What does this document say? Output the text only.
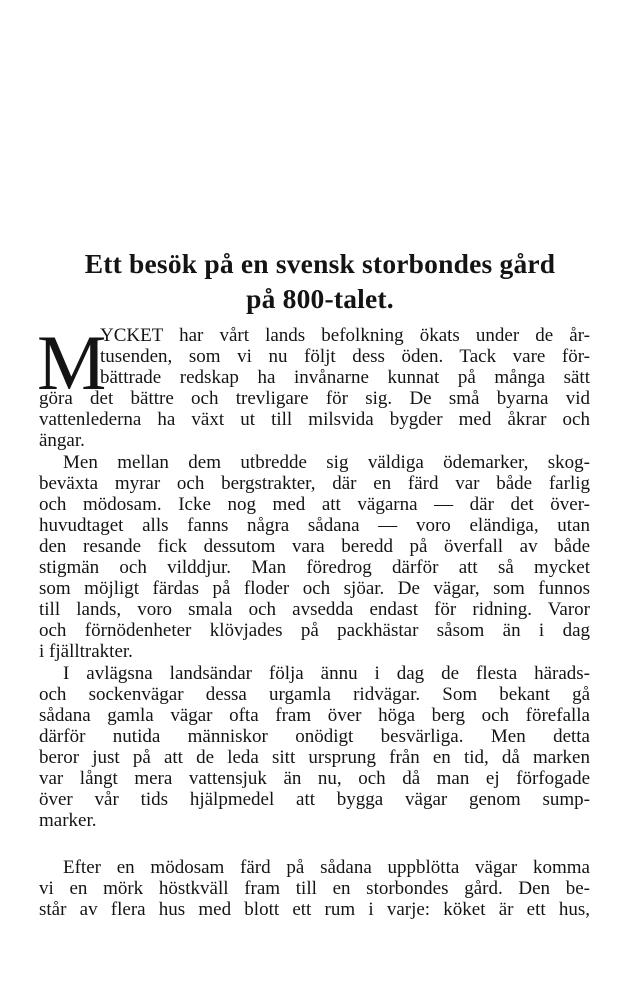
Ett besök på en svensk storbondes gård
på 800-talet.
M
YCKET har vårt lands befolkning ökats under de år-
tusenden, som vi nu följt dess öden. Tack vare för-
bättrade redskap ha invånarne kunnat på många sätt
göra det bättre och trevligare för sig. De små byarna vid
vattenlederna ha växt ut till milsvida bygder med åkrar och
ängar.
Men mellan dem utbredde sig väldiga ödemarker, skog-
beväxta myrar och bergstrakter, där en färd var både farlig
och mödosam. Icke nog med att vägarna — där det över-
huvudtaget alls fanns några sådana — voro eländiga, utan
den resande fick dessutom vara beredd på överfall av både
stigmän och vilddjur. Man föredrog därför att så mycket
som möjligt färdas på floder och sjöar. De vägar, som funnos
till lands, voro smala och avsedda endast för ridning. Varor
och förnödenheter klövjades på packhästar såsom än i dag
i fjälltrakter.
I avlägsna landsändar följa ännu i dag de flesta härads-
och sockenvägar dessa urgamla ridvägar. Som bekant gå
sådana gamla vägar ofta fram över höga berg och förefalla
därför nutida människor onödigt besvärliga. Men detta
beror just på att de leda sitt ursprung från en tid, då marken
var långt mera vattensjuk än nu, och då man ej förfogade
över vår tids hjälpmedel att bygga vägar genom sump-
marker.
Efter en mödosam färd på sådana uppblötta vägar komma
vi en mörk höstkväll fram till en storbondes gård. Den be-
står av flera hus med blott ett rum i varje: köket är ett hus,
